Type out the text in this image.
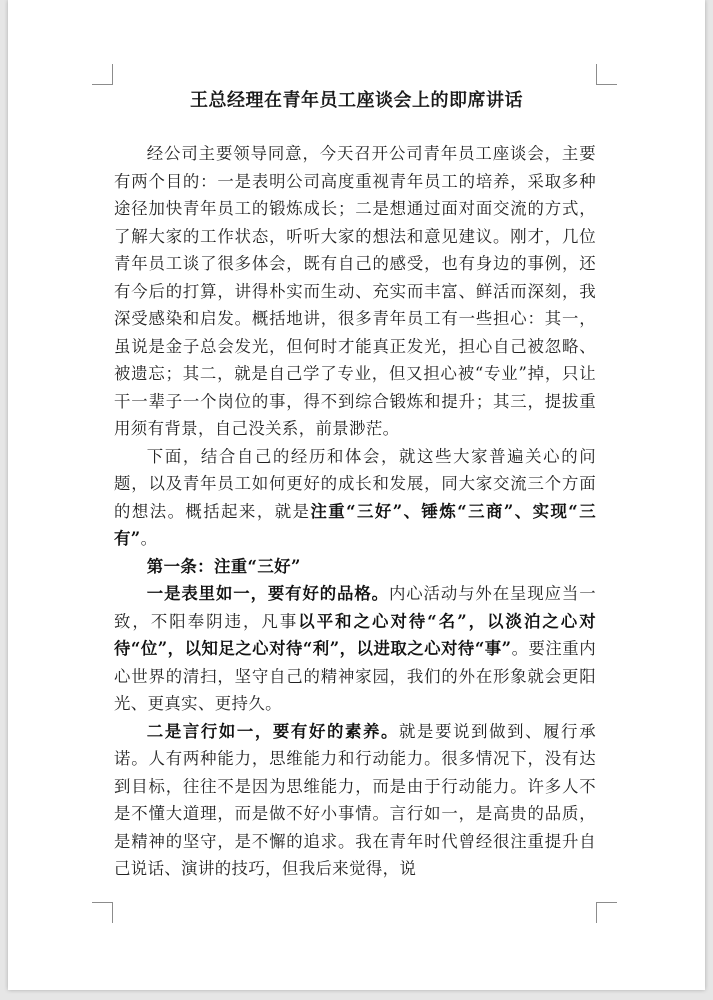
王总经理在青年员工座谈会上的即席讲话

经公司主要领导同意，今天召开公司青年员工座谈会，主要有两个目的：一是表明公司高度重视青年员工的培养，采取多种途径加快青年员工的锻炼成长；二是想通过面对面交流的方式，了解大家的工作状态，听听大家的想法和意见建议。刚才，几位青年员工谈了很多体会，既有自己的感受，也有身边的事例，还有今后的打算，讲得朴实而生动、充实而丰富、鲜活而深刻，我深受感染和启发。概括地讲，很多青年员工有一些担心：其一，虽说是金子总会发光，但何时才能真正发光，担心自己被忽略、被遗忘；其二，就是自己学了专业，但又担心被“专业”掉，只让干一辈子一个岗位的事，得不到综合锻炼和提升；其三，提拔重用须有背景，自己没关系，前景渺茫。

下面，结合自己的经历和体会，就这些大家普遍关心的问题，以及青年员工如何更好的成长和发展，同大家交流三个方面的想法。概括起来，就是注重“三好”、锤炼“三商”、实现“三有”。

第一条：注重“三好”

一是表里如一，要有好的品格。内心活动与外在呈现应当一致，不阳奉阴违，凡事以平和之心对待“名”，以淡泊之心对待“位”，以知足之心对待“利”，以进取之心对待“事”。要注重内心世界的清扫，坚守自己的精神家园，我们的外在形象就会更阳光、更真实、更持久。

二是言行如一，要有好的素养。就是要说到做到、履行承诺。人有两种能力，思维能力和行动能力。很多情况下，没有达到目标，往往不是因为思维能力，而是由于行动能力。许多人不是不懂大道理，而是做不好小事情。言行如一，是高贵的品质，是精神的坚守，是不懈的追求。我在青年时代曾经很注重提升自己说话、演讲的技巧，但我后来觉得，说
